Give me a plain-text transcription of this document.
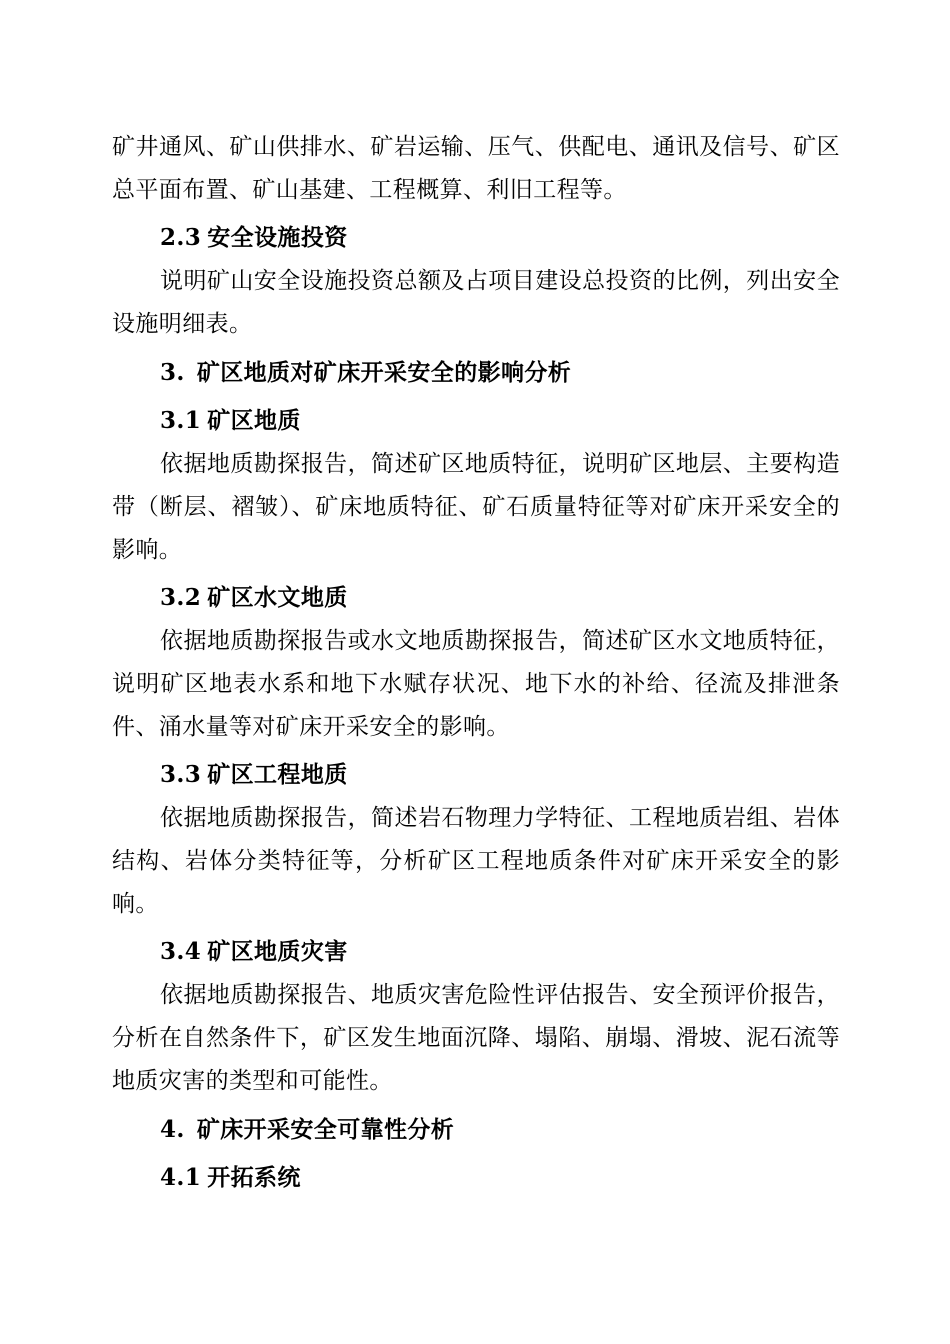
矿井通风、矿山供排水、矿岩运输、压气、供配电、通讯及信号、矿区总平面布置、矿山基建、工程概算、利旧工程等。

2.3 安全设施投资

说明矿山安全设施投资总额及占项目建设总投资的比例，列出安全设施明细表。

3. 矿区地质对矿床开采安全的影响分析

3.1 矿区地质

依据地质勘探报告，简述矿区地质特征，说明矿区地层、主要构造带（断层、褶皱）、矿床地质特征、矿石质量特征等对矿床开采安全的影响。

3.2 矿区水文地质

依据地质勘探报告或水文地质勘探报告，简述矿区水文地质特征，说明矿区地表水系和地下水赋存状况、地下水的补给、径流及排泄条件、涌水量等对矿床开采安全的影响。

3.3 矿区工程地质

依据地质勘探报告，简述岩石物理力学特征、工程地质岩组、岩体结构、岩体分类特征等，分析矿区工程地质条件对矿床开采安全的影响。

3.4 矿区地质灾害

依据地质勘探报告、地质灾害危险性评估报告、安全预评价报告，分析在自然条件下，矿区发生地面沉降、塌陷、崩塌、滑坡、泥石流等地质灾害的类型和可能性。

4. 矿床开采安全可靠性分析

4.1 开拓系统
